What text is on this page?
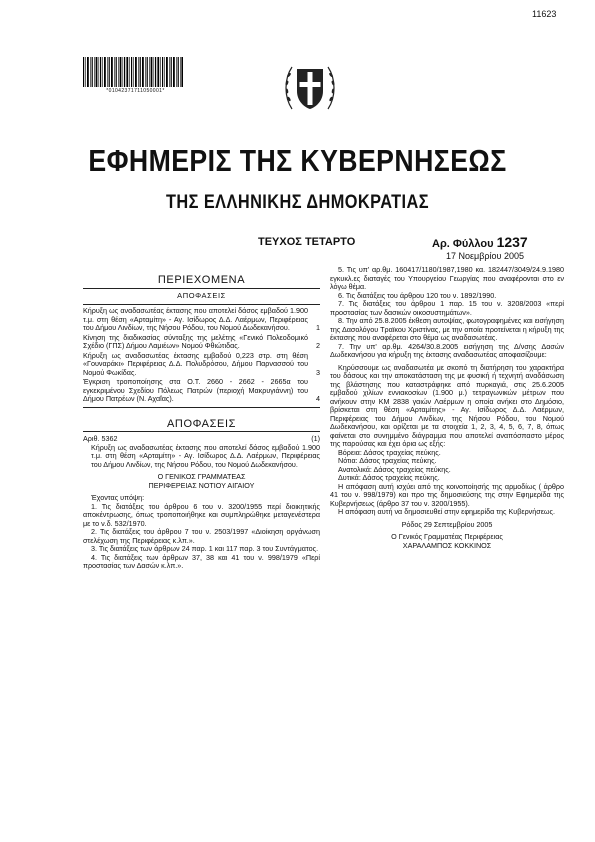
11623
*01042371711050001*
ΕΦΗΜΕΡΙΣ ΤΗΣ ΚΥΒΕΡΝΗΣΕΩΣ
ΤΗΣ ΕΛΛΗΝΙΚΗΣ ΔΗΜΟΚΡΑΤΙΑΣ
ΤΕΥΧΟΣ ΤΕΤΑΡΤΟ	Αρ. Φύλλου 1237
17 Νοεμβρίου 2005
ΠΕΡΙΕΧΟΜΕΝΑ
ΑΠΟΦΑΣΕΙΣ
Κήρυξη ως αναδασωτέας έκτασης που αποτελεί δάσος εμβαδού 1.900 τ.μ. στη θέση «Αρταμίτη» - Αγ. Ισίδωρος Δ.Δ. Λαέρμων, Περιφέρειας του Δήμου Λινδίων, της Νήσου Ρόδου, του Νομού Δωδεκανήσου.	1
Κίνηση της διαδικασίας σύνταξης της μελέτης «Γενικό Πολεοδομικό Σχέδιο (ΓΠΣ) Δήμου Λαμιέων» Νομού Φθιώτιδας.	2
Κήρυξη ως αναδασωτέας έκτασης εμβαδού 0,223 στρ. στη θέση «Γουναράκι» Περιφέρειας Δ.Δ. Πολυδρόσου, Δήμου Παρνασσού του Νομού Φωκίδας.	3
Έγκριση τροποποίησης στα Ο.Τ. 2660 - 2662 - 2665α του εγκεκριμένου Σχεδίου Πόλεως Πατρών (περιοχή Μακρυγιάννη) του Δήμου Πατρέων (Ν. Αχαΐας).	4
ΑΠΟΦΑΣΕΙΣ
Αριθ. 5362	(1)

Κήρυξη ως αναδασωτέας έκτασης που αποτελεί δάσος εμβαδού 1.900 τ.μ. στη θέση «Αρταμίτη» - Αγ. Ισίδωρος Δ.Δ. Λαέρμων, Περιφέρειας του Δήμου Λινδίων, της Νήσου Ρόδου, του Νομού Δωδεκανήσου.

Ο ΓΕΝΙΚΟΣ ΓΡΑΜΜΑΤΕΑΣ

ΠΕΡΙΦΕΡΕΙΑΣ ΝΟΤΙΟΥ ΑΙΓΑΙΟΥ

Έχοντας υπόψη:

1. Τις διατάξεις του άρθρου 6 του ν. 3200/1955 περί διοικητικής αποκέντρωσης, όπως τροποποιήθηκε και συμπληρώθηκε μεταγενέστερα με το ν.δ. 532/1970.

2. Τις διατάξεις του άρθρου 7 του ν. 2503/1997 «Διοίκηση οργάνωση στελέχωση της Περιφέρειας κ.λπ.».

3. Τις διατάξεις των άρθρων 24 παρ. 1 και 117 παρ. 3 του Συντάγματος.

4. Τις διατάξεις των άρθρων 37, 38 και 41 του ν. 998/1979 «Περί προστασίας των Δασών κ.λπ.».

5. Τις υπ' αρ.θμ. 160417/1180/1987,1980 κα. 182447/3049/24.9.1980 εγκυκλ.ες διαταγές του Υπουργείου Γεωργίας που αναφέρονται στο εν λόγω θέμα.

6. Τις διατάξεις του άρθρου 120 του ν. 1892/1990.

7. Τις διατάξεις του άρθρου 1 παρ. 15 του ν. 3208/2003 «περί προστασίας των δασικών οικοσυστημάτων».

8. Την από 25.8.2005 έκθεση αυτοψίας, φωτογραφημένες και εισήγηση της Δασολόγου Τραϊκου Χριστίνας, με την οποία προτείνεται η κήρυξη της έκτασης που αναφέρεται στο θέμα ως αναδασωτέας.

7. Την υπ' αρ.θμ. 4264/30.8.2005 εισήγηση της Δ/νσης Δασών Δωδεκανήσου για κήρυξη της έκτασης αναδασωτέας αποφασίζουμε:

Κηρύσσουμε ως αναδασωτέα με σκοπό τη διατήρηση του χαρακτήρα του δάσους και την αποκατάσταση της με φυσική ή τεχνητή αναδάσωση της βλάστησης που καταστράφηκε από πυρκαγιά, στις 25.6.2005 εμβαδού χιλίων εννιακοσίων (1.900 μ.) τετραγωνικών μέτρων που ανήκουν στην ΚΜ 2838 γαιών Λαέρμων η οποία ανήκει στο Δημόσιο, βρίσκεται στη θέση «Αρταμίτης» - Αγ. Ισίδωρος Δ.Δ. Λαέρμων, Περιφέρειας του Δήμου Λινδίων, της Νήσου Ρόδου, του Νομού Δωδεκανήσου, και ορίζεται με τα στοιχεία 1, 2, 3, 4, 5, 6, 7, 8, όπως φαίνεται στο συνημμένο διάγραμμα που αποτελεί αναπόσπαστο μέρος της παρούσας και έχει όρια ως εξής:

Βόρεια: Δάσος τραχείας πεύκης.

Νότια: Δάσος τραχείας πεύκης.

Ανατολικά: Δάσος τραχείας πεύκης.

Δυτικά: Δάσος τραχείας πεύκης.

Η απόφαση αυτή ισχύει από της κοινοποίησής της αρμοδίως ( άρθρο 41 του ν. 998/1979) και προ της δημοσιεύσης της στην Εφημερίδα της Κυβερνήσεως (άρθρο 37 του ν. 3200/1955).

Η απόφαση αυτή να δημοσιευθεί στην εφημερίδα της Κυβερνήσεως.

Ρόδος 29 Σεπτεμβρίου 2005

Ο Γενικός Γραμματέας Περιφέρειας

ΧΑΡΑΛΑΜΠΟΣ ΚΟΚΚΙΝΟΣ
